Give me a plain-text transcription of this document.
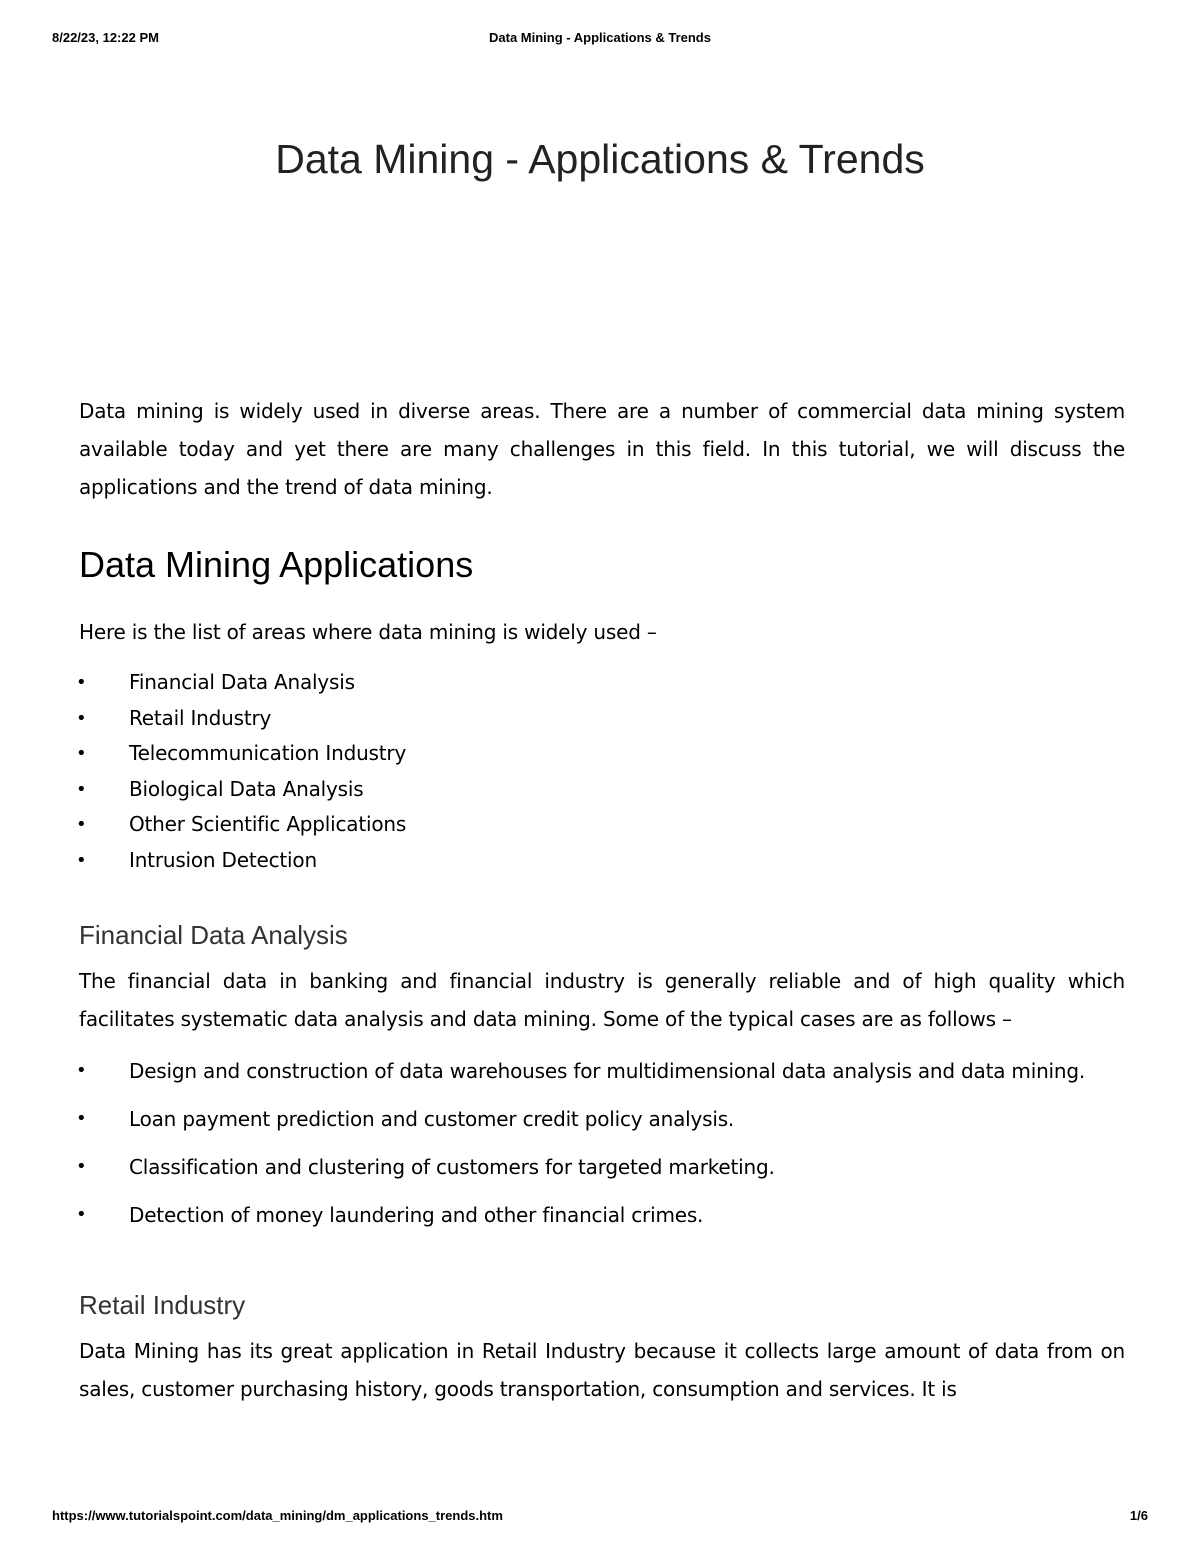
8/22/23, 12:22 PM	Data Mining - Applications & Trends
Data Mining - Applications & Trends

Data mining is widely used in diverse areas. There are a number of commercial data mining system available today and yet there are many challenges in this field. In this tutorial, we will discuss the applications and the trend of data mining.

Data Mining Applications

Here is the list of areas where data mining is widely used –

• Financial Data Analysis
• Retail Industry
• Telecommunication Industry
• Biological Data Analysis
• Other Scientific Applications
• Intrusion Detection
Financial Data Analysis

The financial data in banking and financial industry is generally reliable and of high quality which facilitates systematic data analysis and data mining. Some of the typical cases are as follows –

• Design and construction of data warehouses for multidimensional data analysis and data mining.
• Loan payment prediction and customer credit policy analysis.
• Classification and clustering of customers for targeted marketing.
• Detection of money laundering and other financial crimes.
Retail Industry

Data Mining has its great application in Retail Industry because it collects large amount of data from on sales, customer purchasing history, goods transportation, consumption and services. It is

https://www.tutorialspoint.com/data_mining/dm_applications_trends.htm	1/6
